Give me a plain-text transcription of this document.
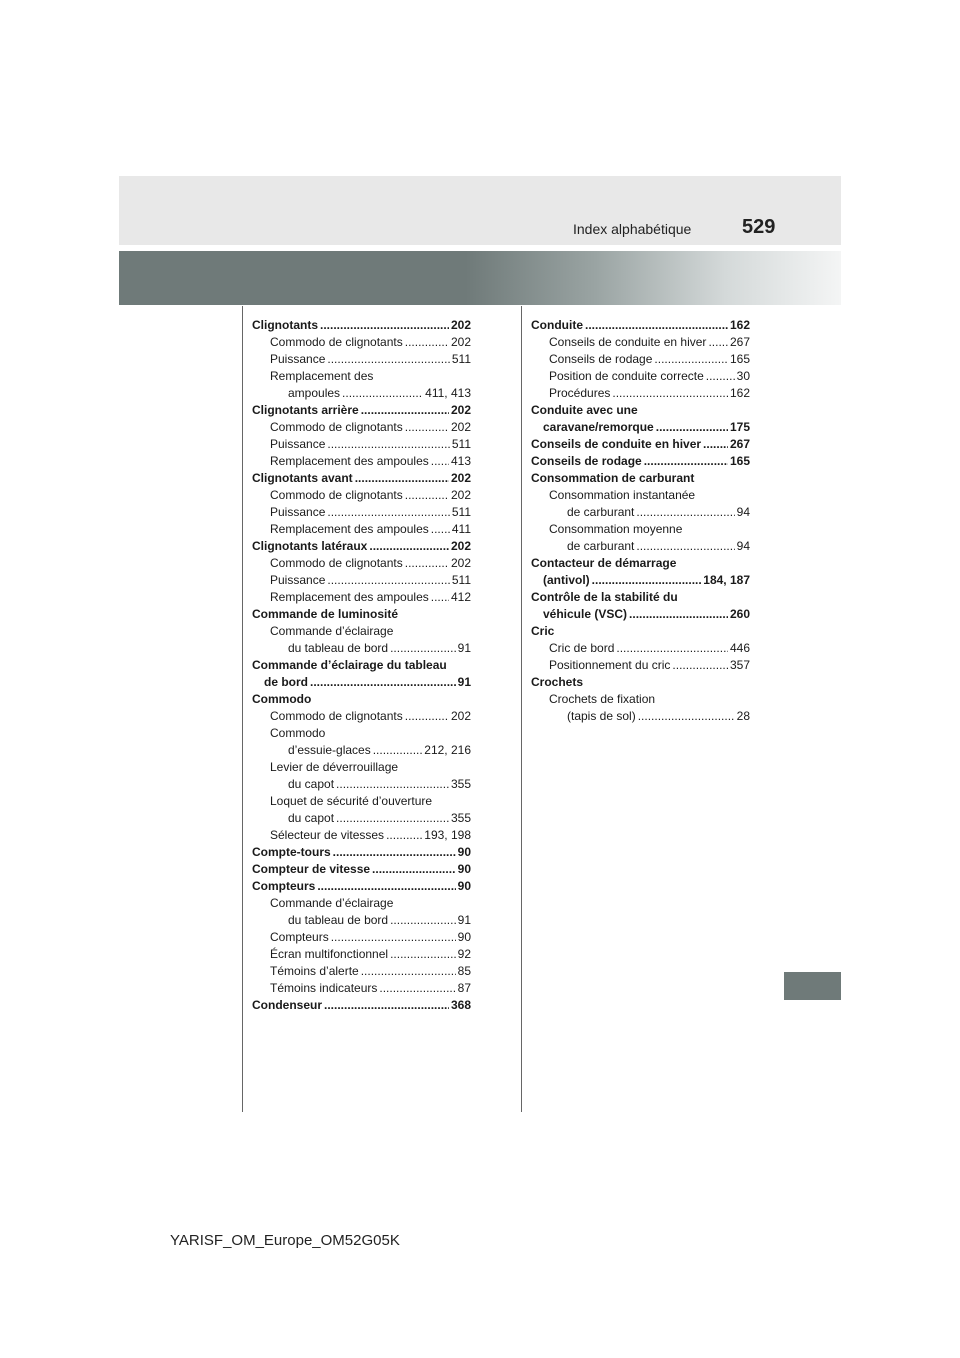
Index alphabétique	529
Clignotants .....	202
Commodo de clignotants .....	202
Puissance .....	511
Remplacement des
ampoules .....	411, 413
Clignotants arrière .....	202
Commodo de clignotants .....	202
Puissance .....	511
Remplacement des ampoules ..... 413
Clignotants avant .....	202
Commodo de clignotants .....	202
Puissance .....	511
Remplacement des ampoules ..... 411
Clignotants latéraux .....	202
Commodo de clignotants .....	202
Puissance .....	511
Remplacement des ampoules ..... 412
Commande de luminosité
Commande d’éclairage
du tableau de bord .....	91
Commande d’éclairage du tableau
de bord .....	91
Commodo
Commodo de clignotants .....	202
Commodo
d’essuie-glaces .....	212, 216
Levier de déverrouillage
du capot .....	355
Loquet de sécurité d’ouverture
du capot .....	355
Sélecteur de vitesses .....	193, 198
Compte-tours .....	90
Compteur de vitesse .....	90
Compteurs .....	90
Commande d’éclairage
du tableau de bord .....	91
Compteurs .....	90
Écran multifonctionnel .....	92
Témoins d’alerte .....	85
Témoins indicateurs .....	87
Condenseur .....	368
Conduite .....	162
Conseils de conduite en hiver ..... 267
Conseils de rodage .....	165
Position de conduite correcte .....	30
Procédures .....	162
Conduite avec une
caravane/remorque .....	175
Conseils de conduite en hiver ..... 267
Conseils de rodage .....	165
Consommation de carburant
Consommation instantanée
de carburant .....	94
Consommation moyenne
de carburant .....	94
Contacteur de démarrage
(antivol) .....	184, 187
Contrôle de la stabilité du
véhicule (VSC) .....	260
Cric
Cric de bord .....	446
Positionnement du cric .....	357
Crochets
Crochets de fixation
(tapis de sol) .....	28
YARISF_OM_Europe_OM52G05K
